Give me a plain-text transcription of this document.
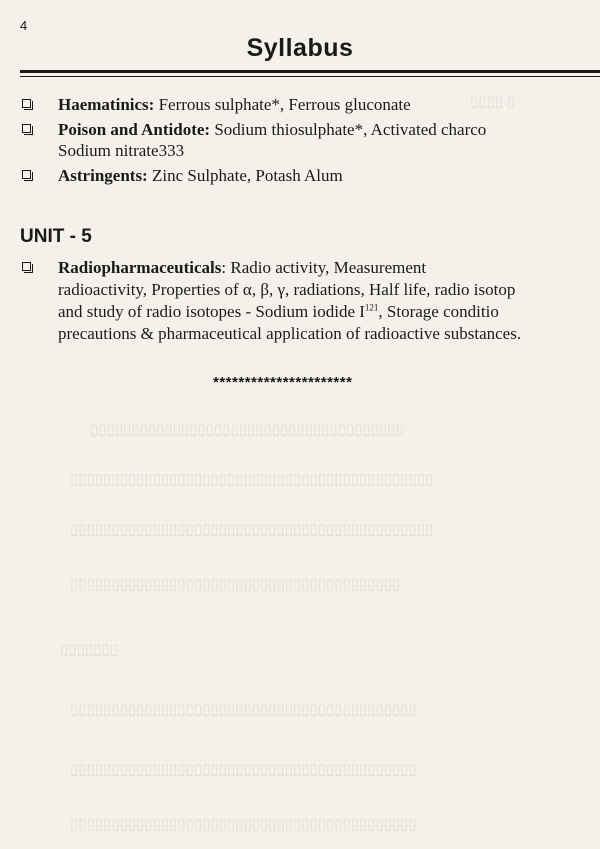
4
Syllabus
▯▯▯▯ ▯
▯▯▯▯▯▯▯▯▯▯▯▯▯▯▯▯▯▯▯▯▯▯▯▯▯▯▯▯▯▯▯▯▯▯▯▯▯▯
▯▯▯▯▯▯▯▯▯▯▯▯▯▯▯▯▯▯▯▯▯▯▯▯▯▯▯▯▯▯▯▯▯▯▯▯▯▯▯▯▯▯▯▯
▯▯▯▯▯▯▯▯▯▯▯▯▯▯▯▯▯▯▯▯▯▯▯▯▯▯▯▯▯▯▯▯▯▯▯▯▯▯▯▯▯▯▯▯
▯▯▯▯▯▯▯▯▯▯▯▯▯▯▯▯▯▯▯▯▯▯▯▯▯▯▯▯▯▯▯▯▯▯▯▯▯▯▯▯
▯▯▯▯▯▯▯
▯▯▯▯▯▯▯▯▯▯▯▯▯▯▯▯▯▯▯▯▯▯▯▯▯▯▯▯▯▯▯▯▯▯▯▯▯▯▯▯▯▯
▯▯▯▯▯▯▯▯▯▯▯▯▯▯▯▯▯▯▯▯▯▯▯▯▯▯▯▯▯▯▯▯▯▯▯▯▯▯▯▯▯▯
▯▯▯▯▯▯▯▯▯▯▯▯▯▯▯▯▯▯▯▯▯▯▯▯▯▯▯▯▯▯▯▯▯▯▯▯▯▯▯▯▯▯
Haematinics: Ferrous sulphate*, Ferrous gluconate
Poison and Antidote: Sodium thiosulphate*, Activated charco
Sodium nitrate333
Astringents: Zinc Sulphate, Potash Alum
UNIT - 5
Radiopharmaceuticals: Radio activity, Measurement
radioactivity, Properties of α, β, γ, radiations, Half life, radio isotop
and study of radio isotopes - Sodium iodide $I^{121}$, Storage conditio
precautions & pharmaceutical application of radioactive substances.
**********************
